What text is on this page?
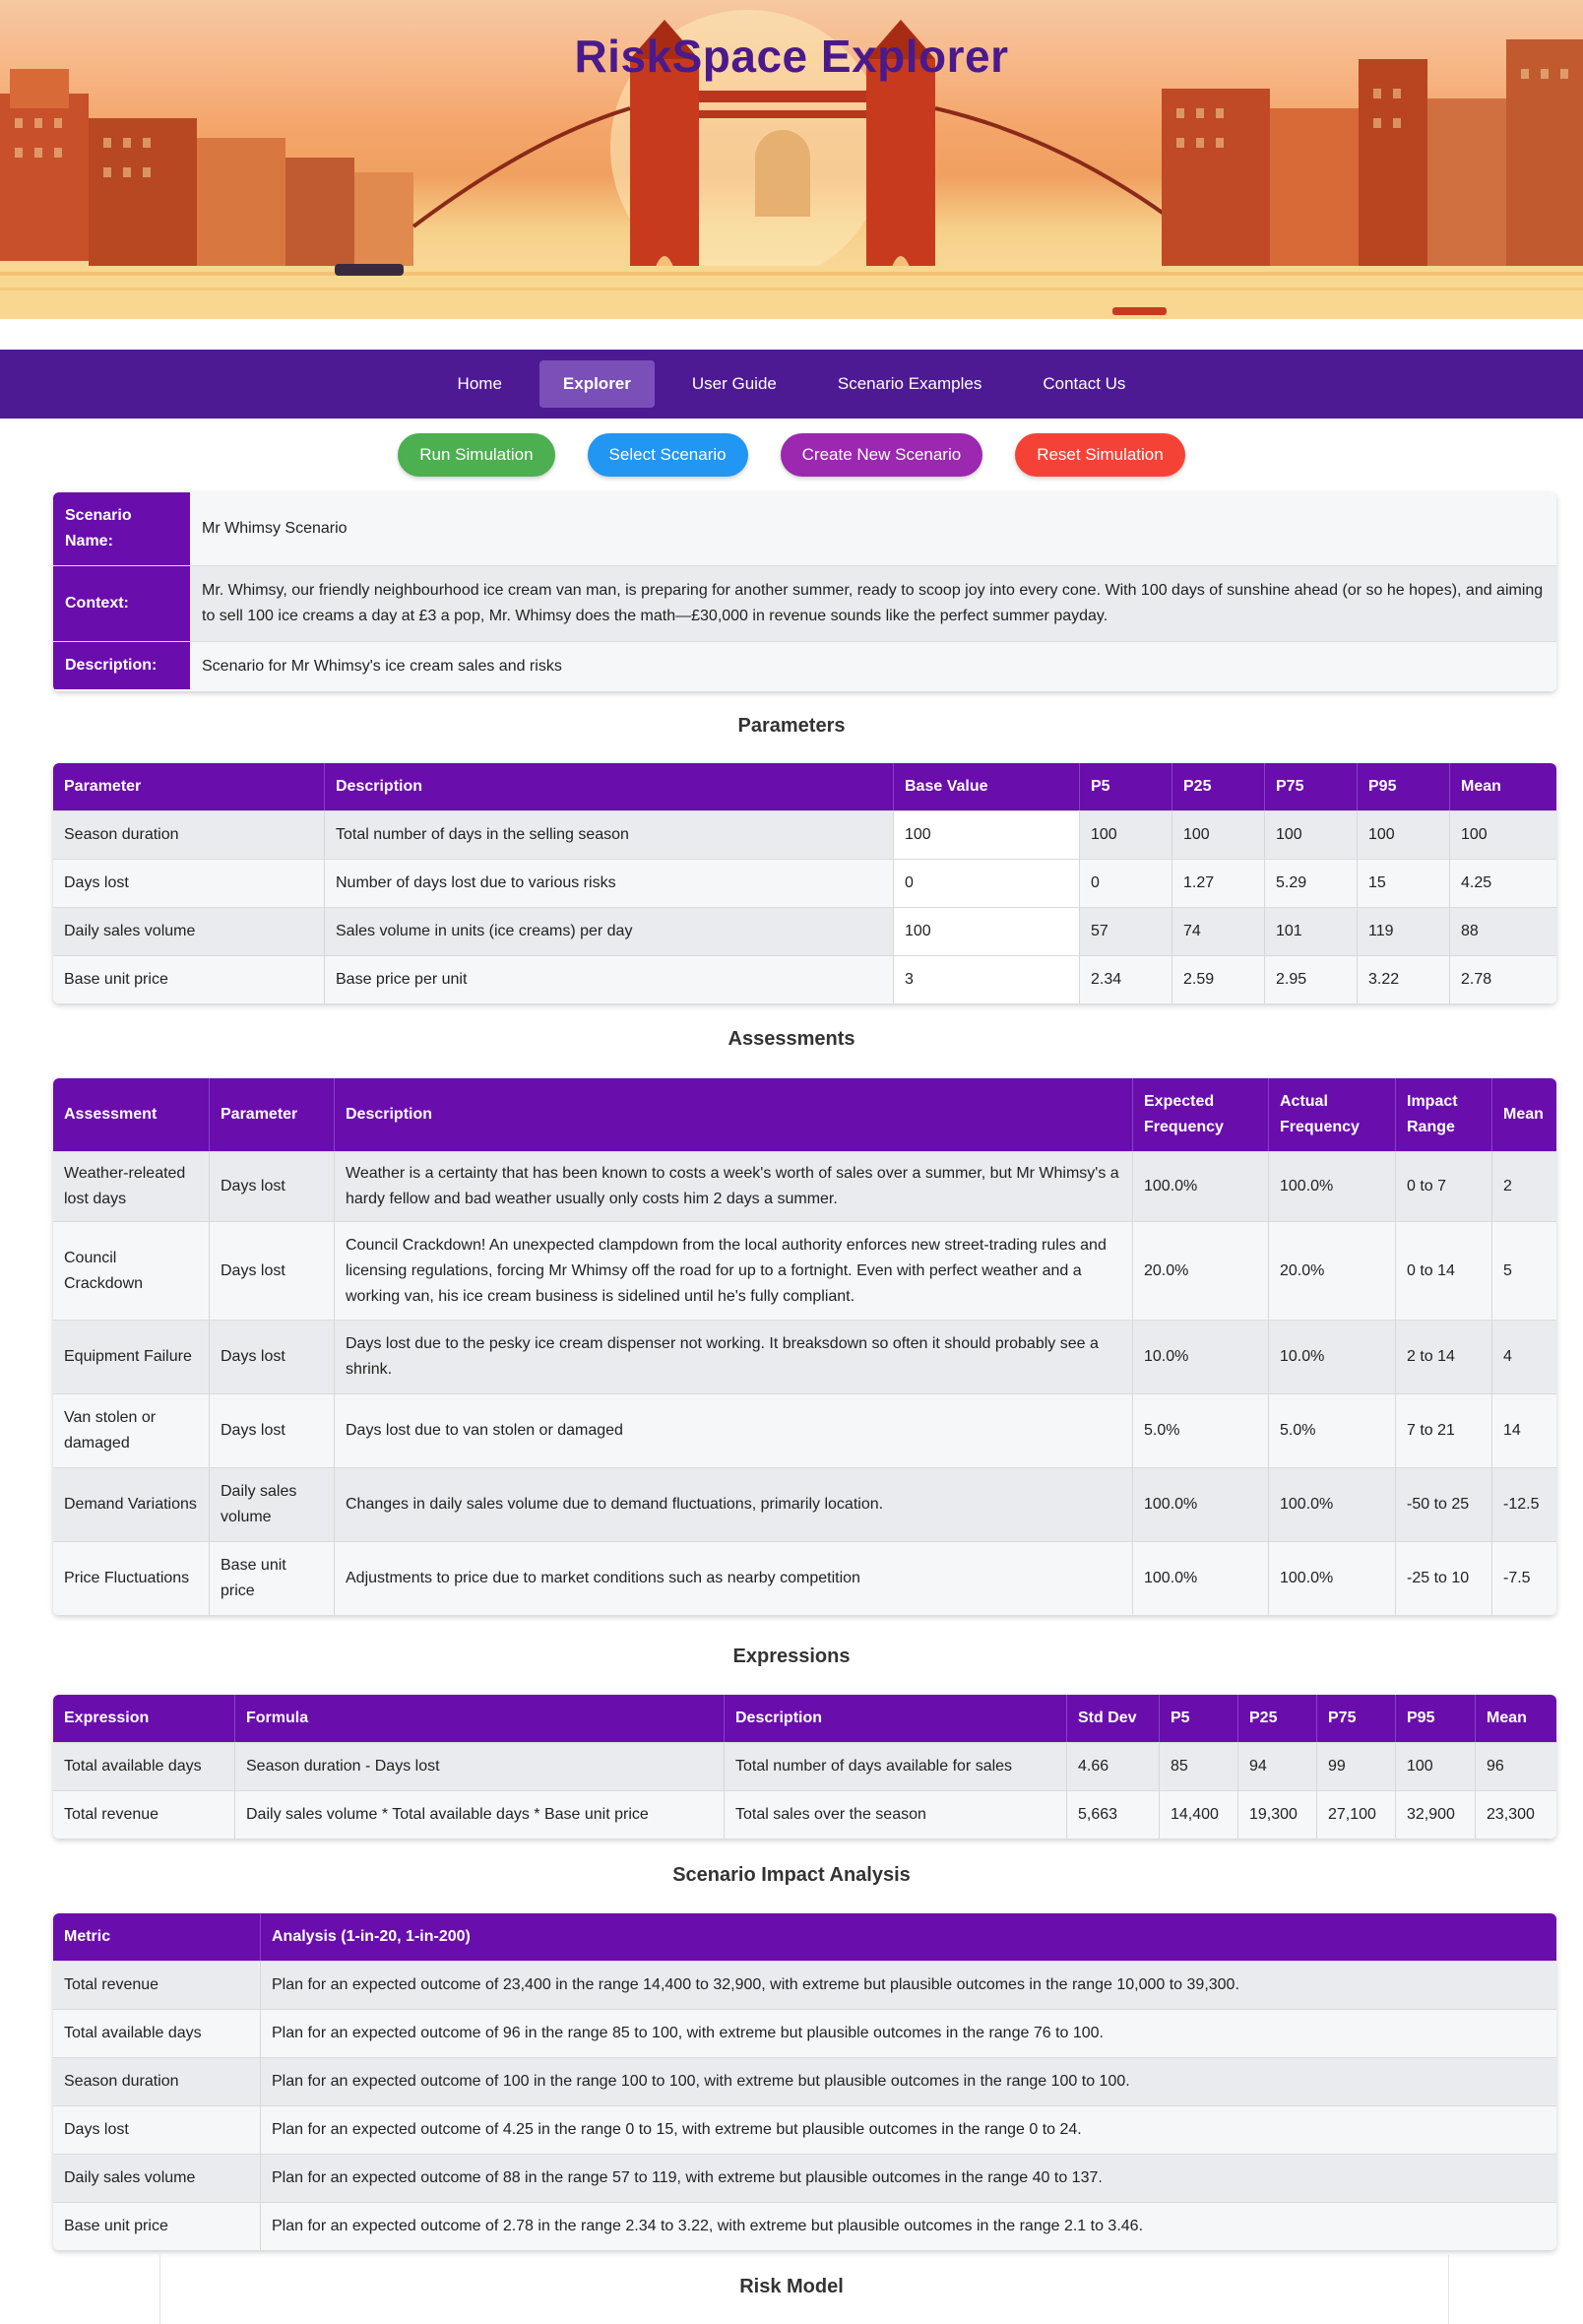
RiskSpace Explorer
Home	Explorer	User Guide	Scenario Examples	Contact Us
Run Simulation	Select Scenario	Create New Scenario	Reset Simulation
Scenario Name:
Mr Whimsy Scenario
Context:
Mr. Whimsy, our friendly neighbourhood ice cream van man, is preparing for another summer, ready to scoop joy into every cone. With 100 days of sunshine ahead (or so he hopes), and aiming to sell 100 ice creams a day at £3 a pop, Mr. Whimsy does the math—£30,000 in revenue sounds like the perfect summer payday.
Description:	Scenario for Mr Whimsy's ice cream sales and risks
Parameters
Parameter	Description	Base Value	P5	P25	P75	P95	Mean
Season duration	Total number of days in the selling season	100	100	100	100	100	100
Days lost	Number of days lost due to various risks	0	0	1.27	5.29	15	4.25
Daily sales volume	Sales volume in units (ice creams) per day	100	57	74	101	119	88
Base unit price	Base price per unit	3	2.34	2.59	2.95	3.22	2.78
Assessments
Assessment	Parameter	Description	Expected Frequency	Actual Frequency	Impact Range	Mean
Weather-releated lost days	Days lost	Weather is a certainty that has been known to costs a week's worth of sales over a summer, but Mr Whimsy's a hardy fellow and bad weather usually only costs him 2 days a summer.	100.0%	100.0%	0 to 7	2
Council Crackdown	Days lost	Council Crackdown! An unexpected clampdown from the local authority enforces new street-trading rules and licensing regulations, forcing Mr Whimsy off the road for up to a fortnight. Even with perfect weather and a working van, his ice cream business is sidelined until he's fully compliant.	20.0%	20.0%	0 to 14	5
Equipment Failure	Days lost	Days lost due to the pesky ice cream dispenser not working. It breaksdown so often it should probably see a shrink.	10.0%	10.0%	2 to 14	4
Van stolen or damaged	Days lost	Days lost due to van stolen or damaged	5.0%	5.0%	7 to 21	14
Demand Variations	Daily sales volume	Changes in daily sales volume due to demand fluctuations, primarily location.	100.0%	100.0%	-50 to 25	-12.5
Price Fluctuations	Base unit price	Adjustments to price due to market conditions such as nearby competition	100.0%	100.0%	-25 to 10	-7.5
Expressions
Expression	Formula	Description	Std Dev	P5	P25	P75	P95	Mean
Total available days	Season duration - Days lost	Total number of days available for sales	4.66	85	94	99	100	96
Total revenue	Daily sales volume * Total available days * Base unit price	Total sales over the season	5,663	14,400	19,300	27,100	32,900	23,300
Scenario Impact Analysis
Metric	Analysis (1-in-20, 1-in-200)
Total revenue	Plan for an expected outcome of 23,400 in the range 14,400 to 32,900, with extreme but plausible outcomes in the range 10,000 to 39,300.
Total available days	Plan for an expected outcome of 96 in the range 85 to 100, with extreme but plausible outcomes in the range 76 to 100.
Season duration	Plan for an expected outcome of 100 in the range 100 to 100, with extreme but plausible outcomes in the range 100 to 100.
Days lost	Plan for an expected outcome of 4.25 in the range 0 to 15, with extreme but plausible outcomes in the range 0 to 24.
Daily sales volume	Plan for an expected outcome of 88 in the range 57 to 119, with extreme but plausible outcomes in the range 40 to 137.
Base unit price	Plan for an expected outcome of 2.78 in the range 2.34 to 3.22, with extreme but plausible outcomes in the range 2.1 to 3.46.
Risk Model
